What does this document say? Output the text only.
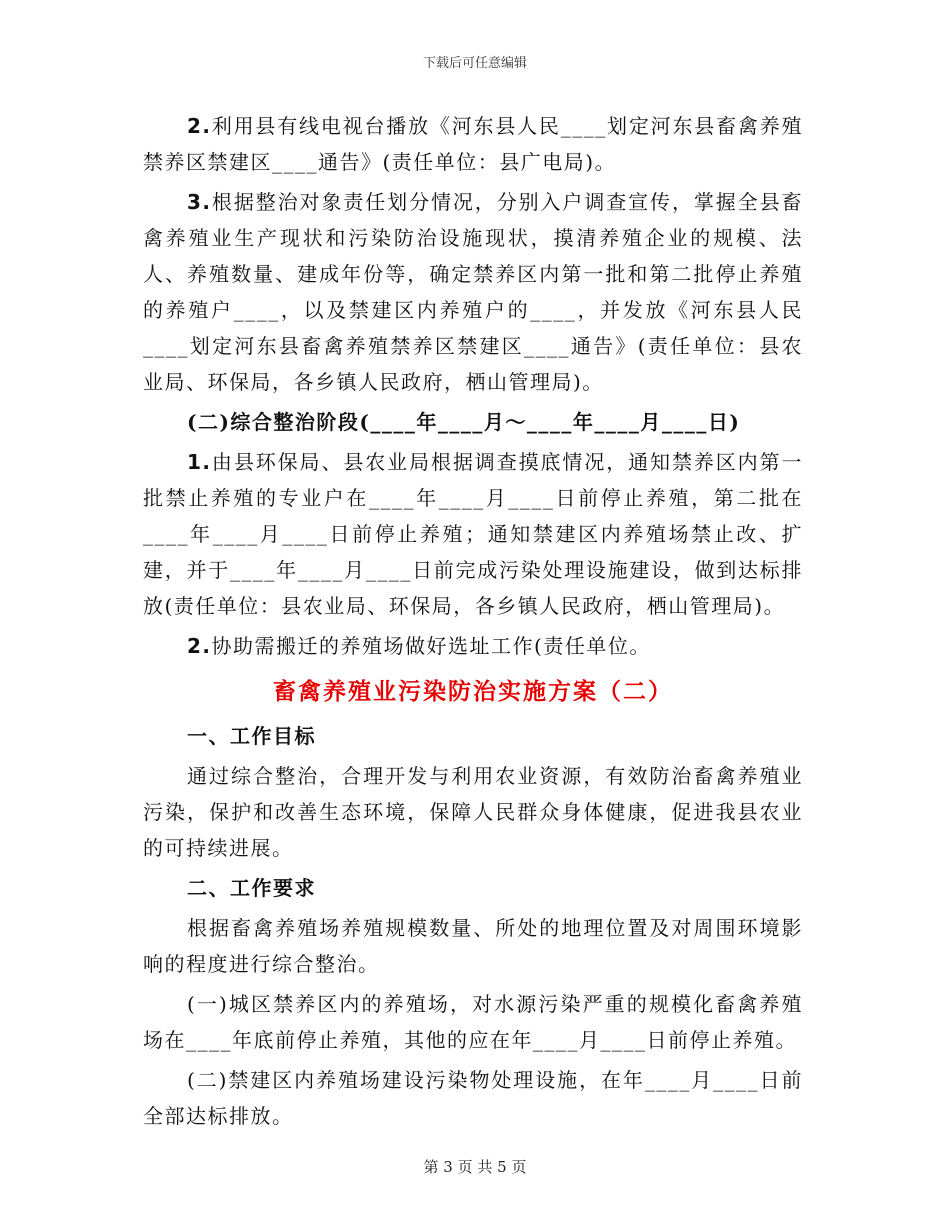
下载后可任意编辑

2.利用县有线电视台播放《河东县人民____划定河东县畜禽养殖禁养区禁建区____通告》(责任单位：县广电局)。

3.根据整治对象责任划分情况，分别入户调查宣传，掌握全县畜禽养殖业生产现状和污染防治设施现状，摸清养殖企业的规模、法人、养殖数量、建成年份等，确定禁养区内第一批和第二批停止养殖的养殖户____，以及禁建区内养殖户的____，并发放《河东县人民____划定河东县畜禽养殖禁养区禁建区____通告》(责任单位：县农业局、环保局，各乡镇人民政府，栖山管理局)。

(二)综合整治阶段(____年____月～____年____月____日)

1.由县环保局、县农业局根据调查摸底情况，通知禁养区内第一批禁止养殖的专业户在____年____月____日前停止养殖，第二批在____年____月____日前停止养殖；通知禁建区内养殖场禁止改、扩建，并于____年____月____日前完成污染处理设施建设，做到达标排放(责任单位：县农业局、环保局，各乡镇人民政府，栖山管理局)。

2.协助需搬迁的养殖场做好选址工作(责任单位。

畜禽养殖业污染防治实施方案（二）

一、工作目标

通过综合整治，合理开发与利用农业资源，有效防治畜禽养殖业污染，保护和改善生态环境，保障人民群众身体健康，促进我县农业的可持续进展。

二、工作要求

根据畜禽养殖场养殖规模数量、所处的地理位置及对周围环境影响的程度进行综合整治。

(一)城区禁养区内的养殖场，对水源污染严重的规模化畜禽养殖场在____年底前停止养殖，其他的应在年____月____日前停止养殖。

(二)禁建区内养殖场建设污染物处理设施，在年____月____日前全部达标排放。

第 3 页 共 5 页
